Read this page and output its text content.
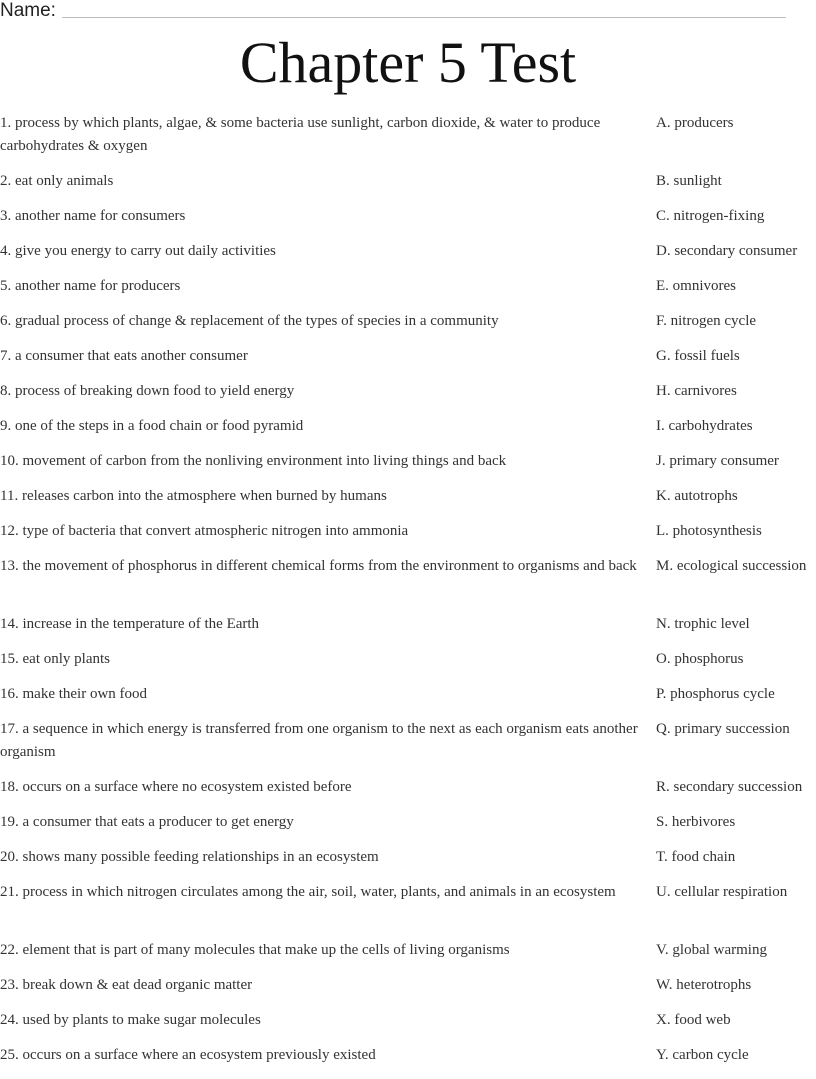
Name:
Chapter 5 Test
1. process by which plants, algae, & some bacteria use sunlight, carbon dioxide, & water to produce carbohydrates & oxygen
A. producers
2. eat only animals	B. sunlight
3. another name for consumers	C. nitrogen-fixing
4. give you energy to carry out daily activities	D. secondary consumer
5. another name for producers	E. omnivores
6. gradual process of change & replacement of the types of species in a community	F. nitrogen cycle
7. a consumer that eats another consumer	G. fossil fuels
8. process of breaking down food to yield energy	H. carnivores
9. one of the steps in a food chain or food pyramid	I. carbohydrates
10. movement of carbon from the nonliving environment into living things and back	J. primary consumer
11. releases carbon into the atmosphere when burned by humans	K. autotrophs
12. type of bacteria that convert atmospheric nitrogen into ammonia	L. photosynthesis
13. the movement of phosphorus in different chemical forms from the environment to organisms and back M. ecological succession
14. increase in the temperature of the Earth	N. trophic level
15. eat only plants	O. phosphorus
16. make their own food	P. phosphorus cycle
17. a sequence in which energy is transferred from one organism to the next as each organism eats another organism
Q. primary succession
18. occurs on a surface where no ecosystem existed before	R. secondary succession
19. a consumer that eats a producer to get energy	S. herbivores
20. shows many possible feeding relationships in an ecosystem	T. food chain
21. process in which nitrogen circulates among the air, soil, water, plants, and animals in an ecosystem	U. cellular respiration
22. element that is part of many molecules that make up the cells of living organisms	V. global warming
23. break down & eat dead organic matter	W. heterotrophs
24. used by plants to make sugar molecules	X. food web
25. occurs on a surface where an ecosystem previously existed	Y. carbon cycle
